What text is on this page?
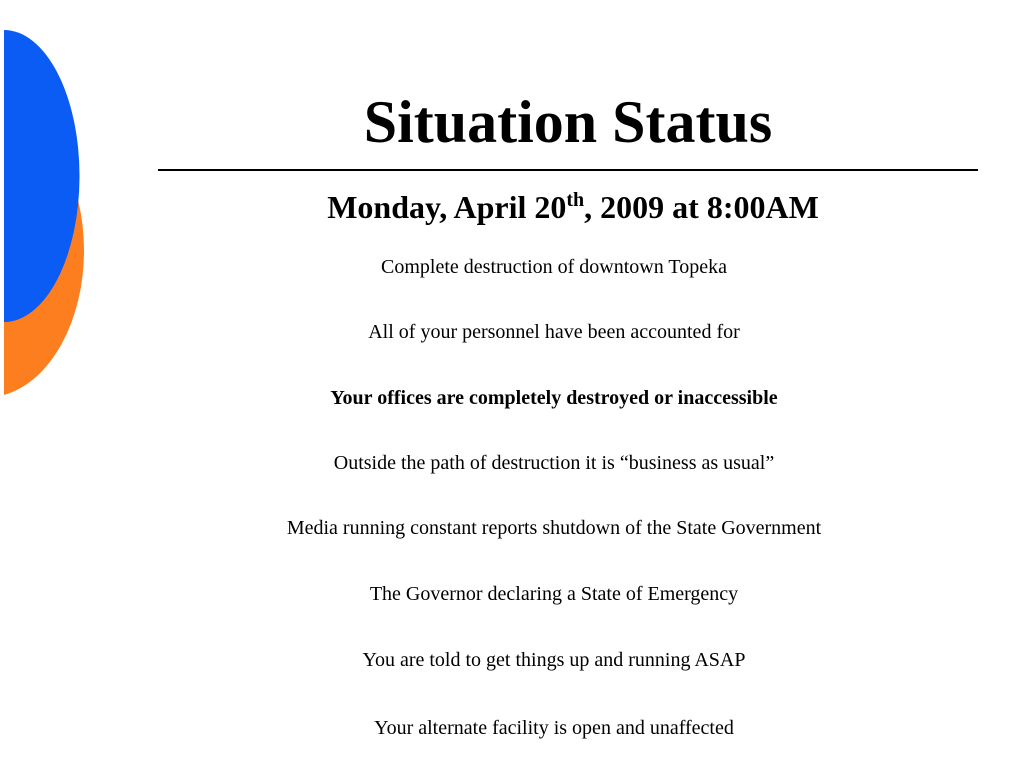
Situation Status
Monday, April 20th, 2009 at 8:00AM

Complete destruction of downtown Topeka

All of your personnel have been accounted for

Your offices are completely destroyed or inaccessible

Outside the path of destruction it is “business as usual”

Media running constant reports shutdown of the State Government

The Governor declaring a State of Emergency

You are told to get things up and running ASAP

Your alternate facility is open and unaffected
